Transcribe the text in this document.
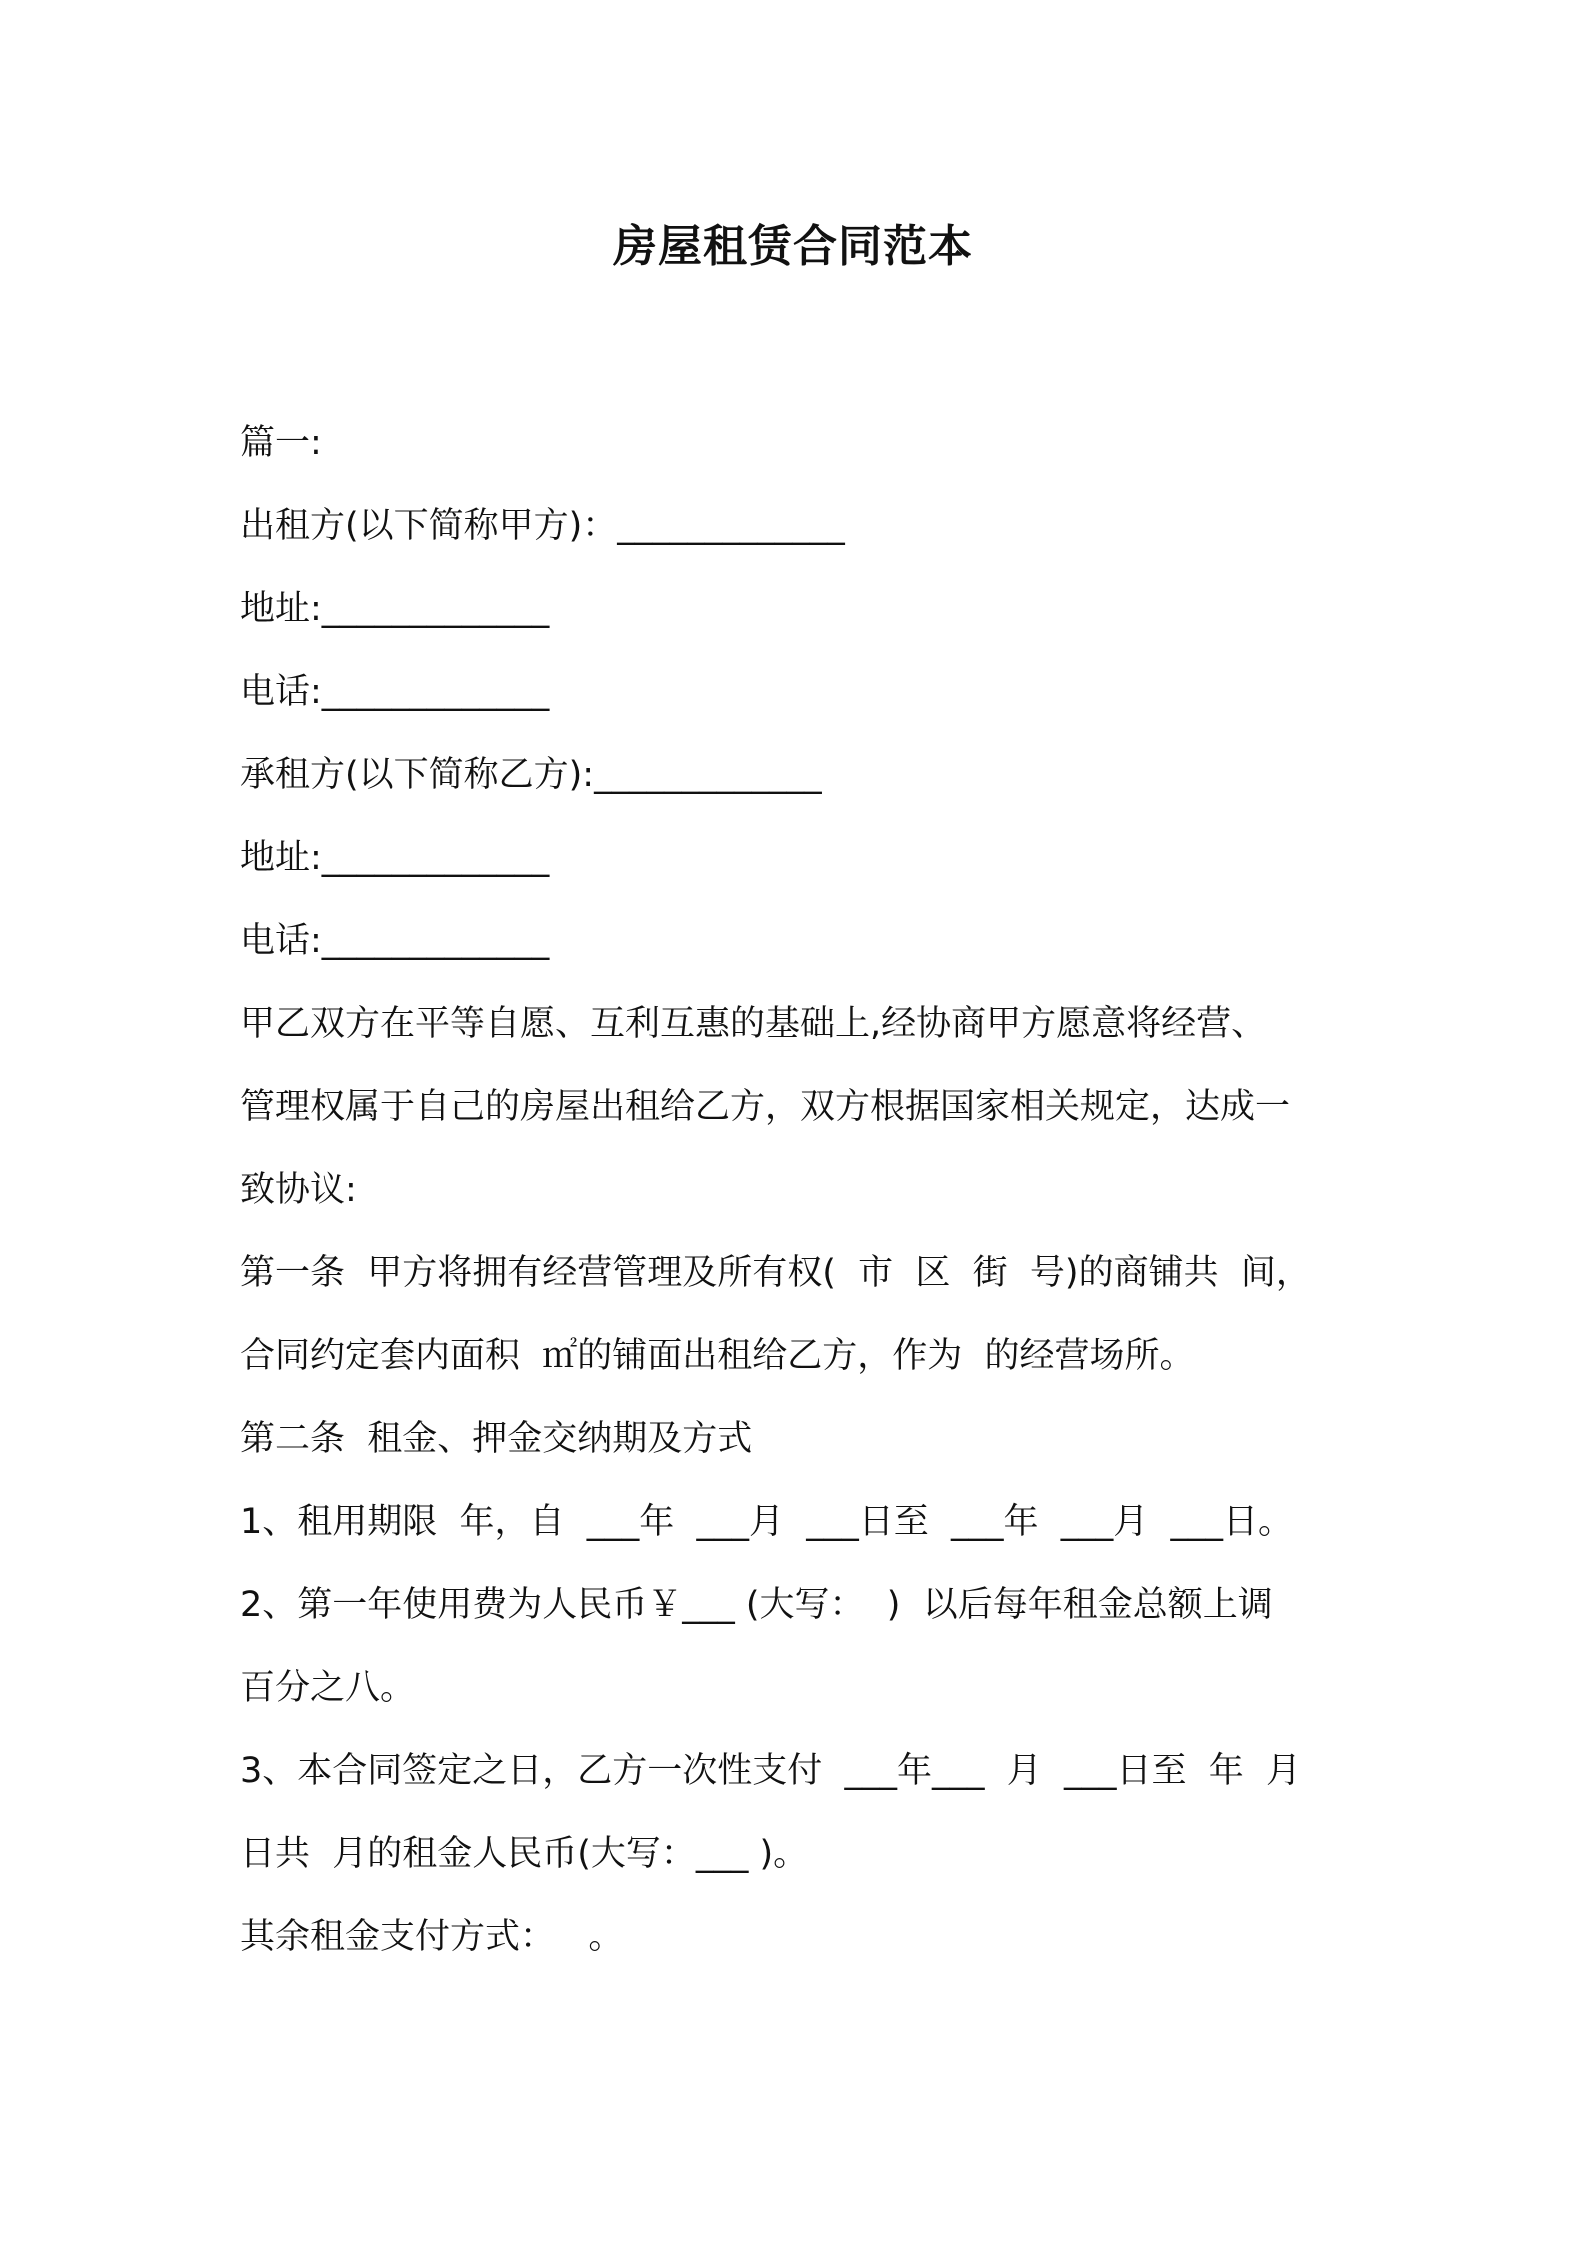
房屋租赁合同范本
篇一:
出租方(以下简称甲方)：_____________
地址:_____________
电话:_____________
承租方(以下简称乙方):_____________
地址:_____________
电话:_____________
甲乙双方在平等自愿、互利互惠的基础上,经协商甲方愿意将经营、
管理权属于自己的房屋出租给乙方，双方根据国家相关规定，达成一
致协议:
第一条  甲方将拥有经营管理及所有权(  市  区  街  号)的商铺共  间，
合同约定套内面积  ㎡的铺面出租给乙方，作为  的经营场所。
第二条  租金、押金交纳期及方式
1、租用期限  年，自  ___年  ___月  ___日至  ___年  ___月  ___日。
2、第一年使用费为人民币￥___ (大写：  )  以后每年租金总额上调
百分之八。
3、本合同签定之日，乙方一次性支付  ___年___  月  ___日至  年  月
日共  月的租金人民币(大写：___ )。
其余租金支付方式：   。
